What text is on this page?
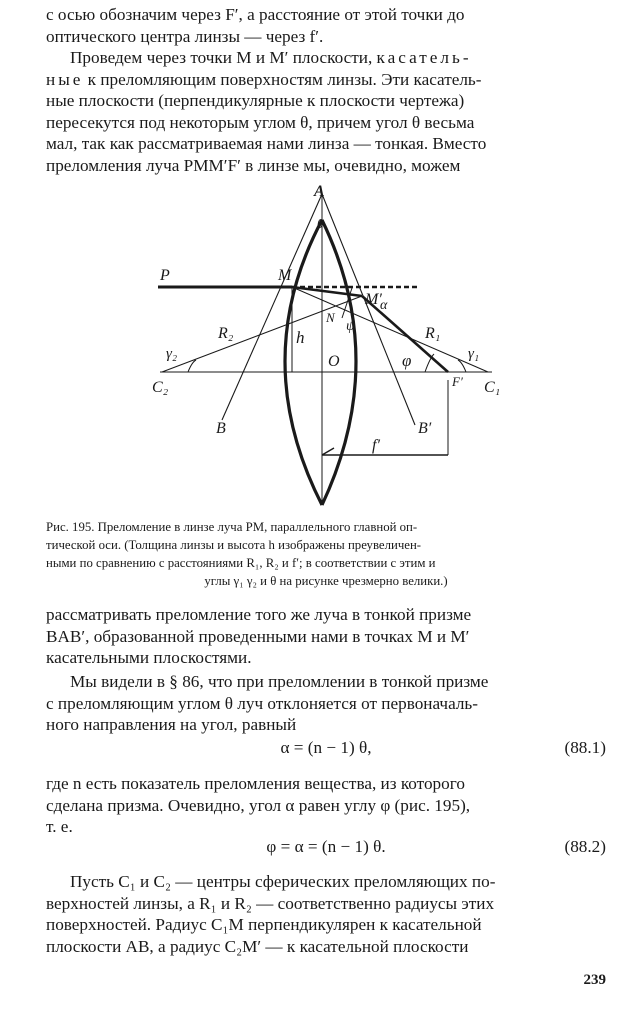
с осью обозначим через F′, а расстояние от этой точки до
оптического центра линзы — через f′.

Проведем через точки M и M′ плоскости, касатель-
ные к преломляющим поверхностям линзы. Эти касатель-
ные плоскости (перпендикулярные к плоскости чертежа)
пересекутся под некоторым углом θ, причем угол θ весьма
мал, так как рассматриваемая нами линза — тонкая. Вместо
преломления луча PMM′F′ в линзе мы, очевидно, можем

A
θ
P	M
M′
α
N
ψ
R₂	R₁
h
O	φ
γ₂	γ₁
C₂	C₁
F′
B	B′
f′
Рис. 195. Преломление в линзе луча PM, параллельного главной оп-
тической оси. (Толщина линзы и высота h изображены преувеличен-
ными по сравнению с расстояниями R₁, R₂ и f′; в соответствии с этим и
углы γ₁ γ₂ и θ на рисунке чрезмерно велики.)

рассматривать преломление того же луча в тонкой призме
BAB′, образованной проведенными нами в точках M и M′
касательными плоскостями.

Мы видели в § 86, что при преломлении в тонкой призме
с преломляющим углом θ луч отклоняется от первоначаль-
ного направления на угол, равный

α = (n − 1) θ,	(88.1)

где n есть показатель преломления вещества, из которого
сделана призма. Очевидно, угол α равен углу φ (рис. 195),
т. е.

φ = α = (n − 1) θ.	(88.2)

Пусть C₁ и C₂ — центры сферических преломляющих по-
верхностей линзы, а R₁ и R₂ — соответственно радиусы этих
поверхностей. Радиус C₁M перпендикулярен к касательной
плоскости AB, а радиус C₂M′ — к касательной плоскости

239
